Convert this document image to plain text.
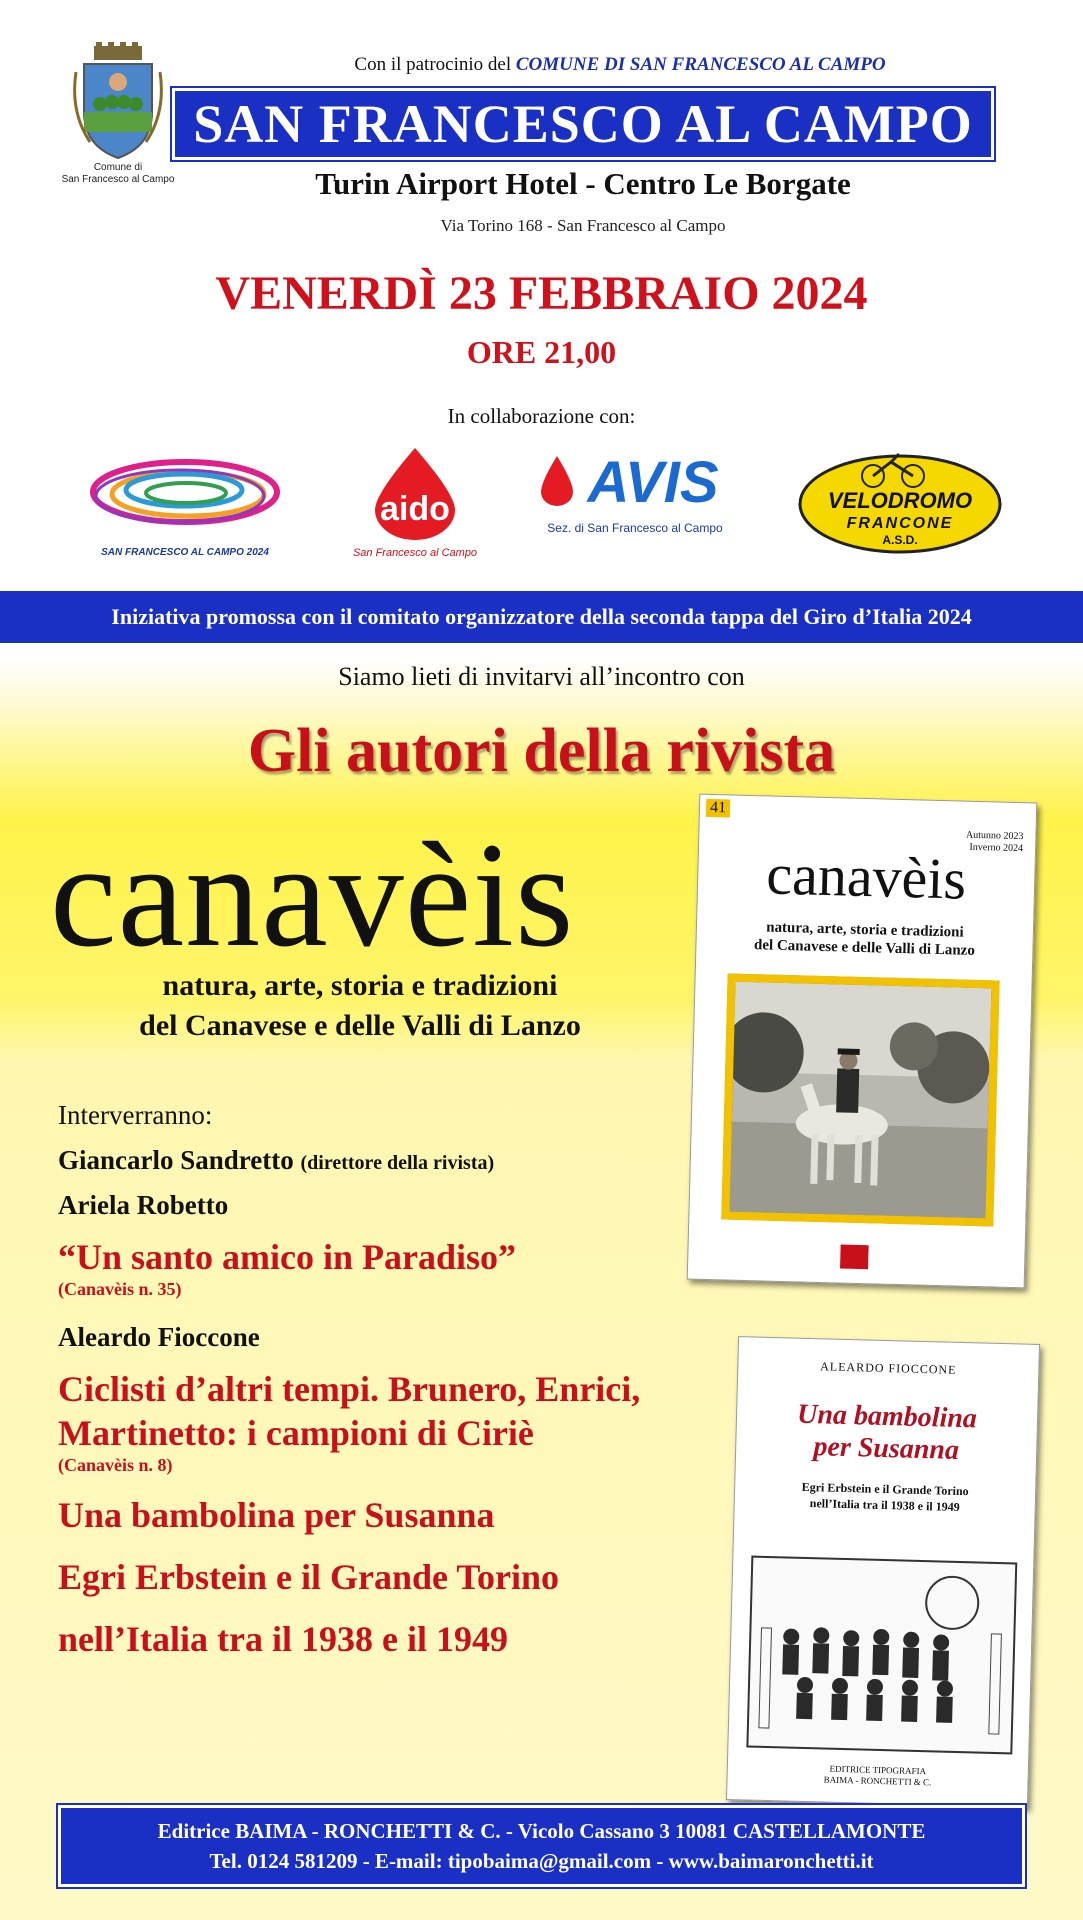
Comune di
San Francesco al Campo
Con il patrocinio del COMUNE DI SAN FRANCESCO AL CAMPO
SAN FRANCESCO AL CAMPO
Turin Airport Hotel - Centro Le Borgate
Via Torino 168 - San Francesco al Campo
VENERDÌ 23 FEBBRAIO 2024
ORE 21,00
In collaborazione con:
SAN FRANCESCO AL CAMPO 2024
aido
San Francesco al Campo
AVIS
Sez. di San Francesco al Campo
VELODROMO
FRANCONE
A.S.D.
Iniziativa promossa con il comitato organizzatore della seconda tappa del Giro d’Italia 2024
Siamo lieti di invitarvi all’incontro con
Gli autori della rivista
canavèis
natura, arte, storia e tradizioni
del Canavese e delle Valli di Lanzo
Interverranno:
Giancarlo Sandretto (direttore della rivista)
Ariela Robetto
“Un santo amico in Paradiso”
(Canavèis n. 35)
Aleardo Fioccone
Ciclisti d’altri tempi. Brunero, Enrici,
Martinetto: i campioni di Ciriè
(Canavèis n. 8)
Una bambolina per Susanna
Egri Erbstein e il Grande Torino
nell’Italia tra il 1938 e il 1949
41
Autunno 2023
Inverno 2024
canavèis
natura, arte, storia e tradizioni
del Canavese e delle Valli di Lanzo
ALEARDO FIOCCONE
Una bambolina
per Susanna
Egri Erbstein e il Grande Torino
nell’Italia tra il 1938 e il 1949
EDITRICE TIPOGRAFIA
BAIMA - RONCHETTI & C.
Editrice BAIMA - RONCHETTI & C. - Vicolo Cassano 3 10081 CASTELLAMONTE
Tel. 0124 581209 - E-mail: tipobaima@gmail.com - www.baimaronchetti.it
